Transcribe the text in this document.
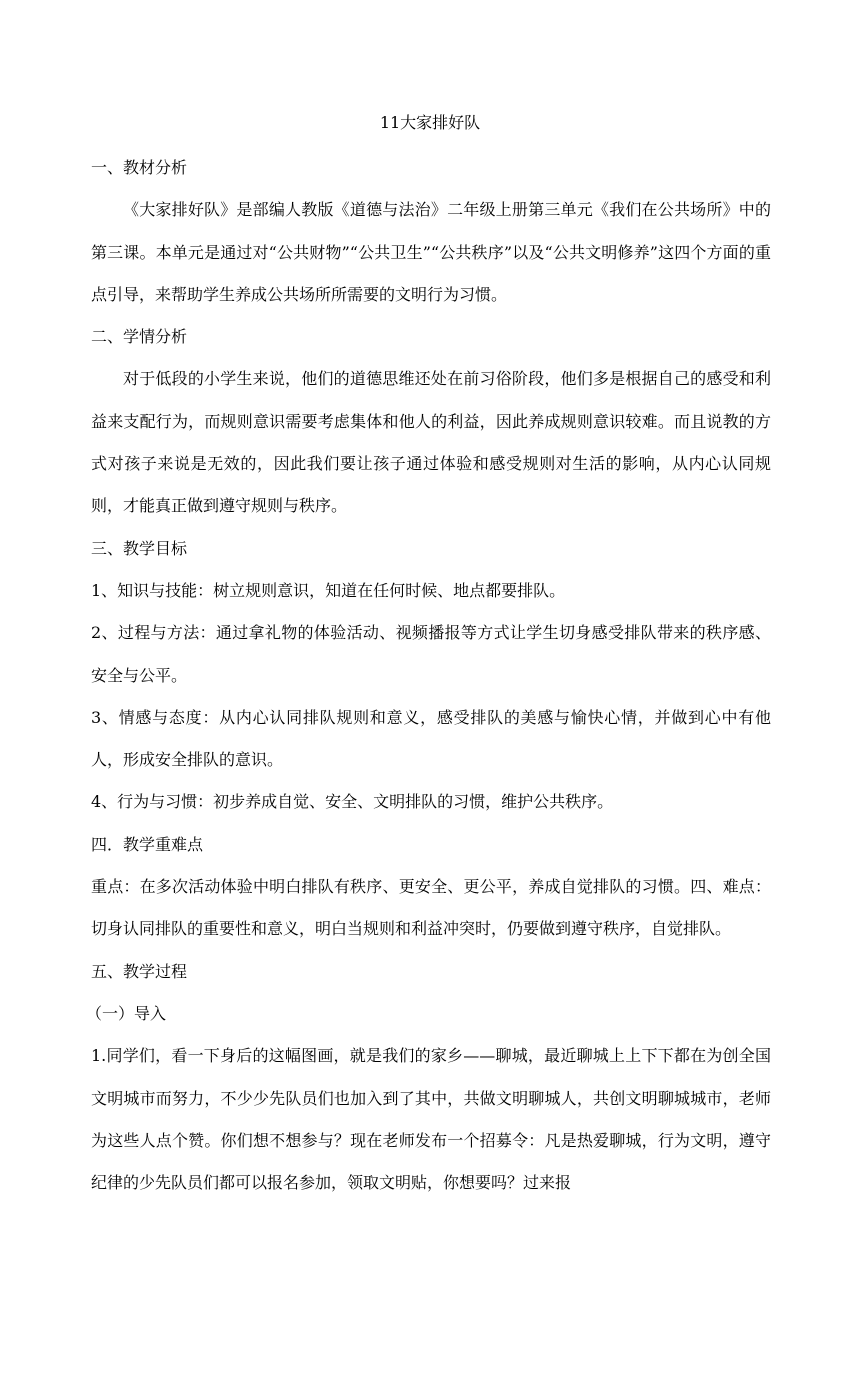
11大家排好队

一、教材分析

《大家排好队》是部编人教版《道德与法治》二年级上册第三单元《我们在公共场所》中的第三课。本单元是通过对“公共财物”“公共卫生”“公共秩序”以及“公共文明修养”这四个方面的重点引导，来帮助学生养成公共场所所需要的文明行为习惯。

二、学情分析

对于低段的小学生来说，他们的道德思维还处在前习俗阶段，他们多是根据自己的感受和利益来支配行为，而规则意识需要考虑集体和他人的利益，因此养成规则意识较难。而且说教的方式对孩子来说是无效的，因此我们要让孩子通过体验和感受规则对生活的影响，从内心认同规则，才能真正做到遵守规则与秩序。

三、教学目标

1、知识与技能：树立规则意识，知道在任何时候、地点都要排队。

2、过程与方法：通过拿礼物的体验活动、视频播报等方式让学生切身感受排队带来的秩序感、安全与公平。

3、情感与态度：从内心认同排队规则和意义，感受排队的美感与愉快心情，并做到心中有他人，形成安全排队的意识。

4、行为与习惯：初步养成自觉、安全、文明排队的习惯，维护公共秩序。

四．教学重难点

重点：在多次活动体验中明白排队有秩序、更安全、更公平，养成自觉排队的习惯。四、难点：切身认同排队的重要性和意义，明白当规则和利益冲突时，仍要做到遵守秩序，自觉排队。

五、教学过程

（一）导入

1.同学们，看一下身后的这幅图画，就是我们的家乡——聊城，最近聊城上上下下都在为创全国文明城市而努力，不少少先队员们也加入到了其中，共做文明聊城人，共创文明聊城城市，老师为这些人点个赞。你们想不想参与？现在老师发布一个招募令：凡是热爱聊城，行为文明，遵守纪律的少先队员们都可以报名参加，领取文明贴，你想要吗？过来报
